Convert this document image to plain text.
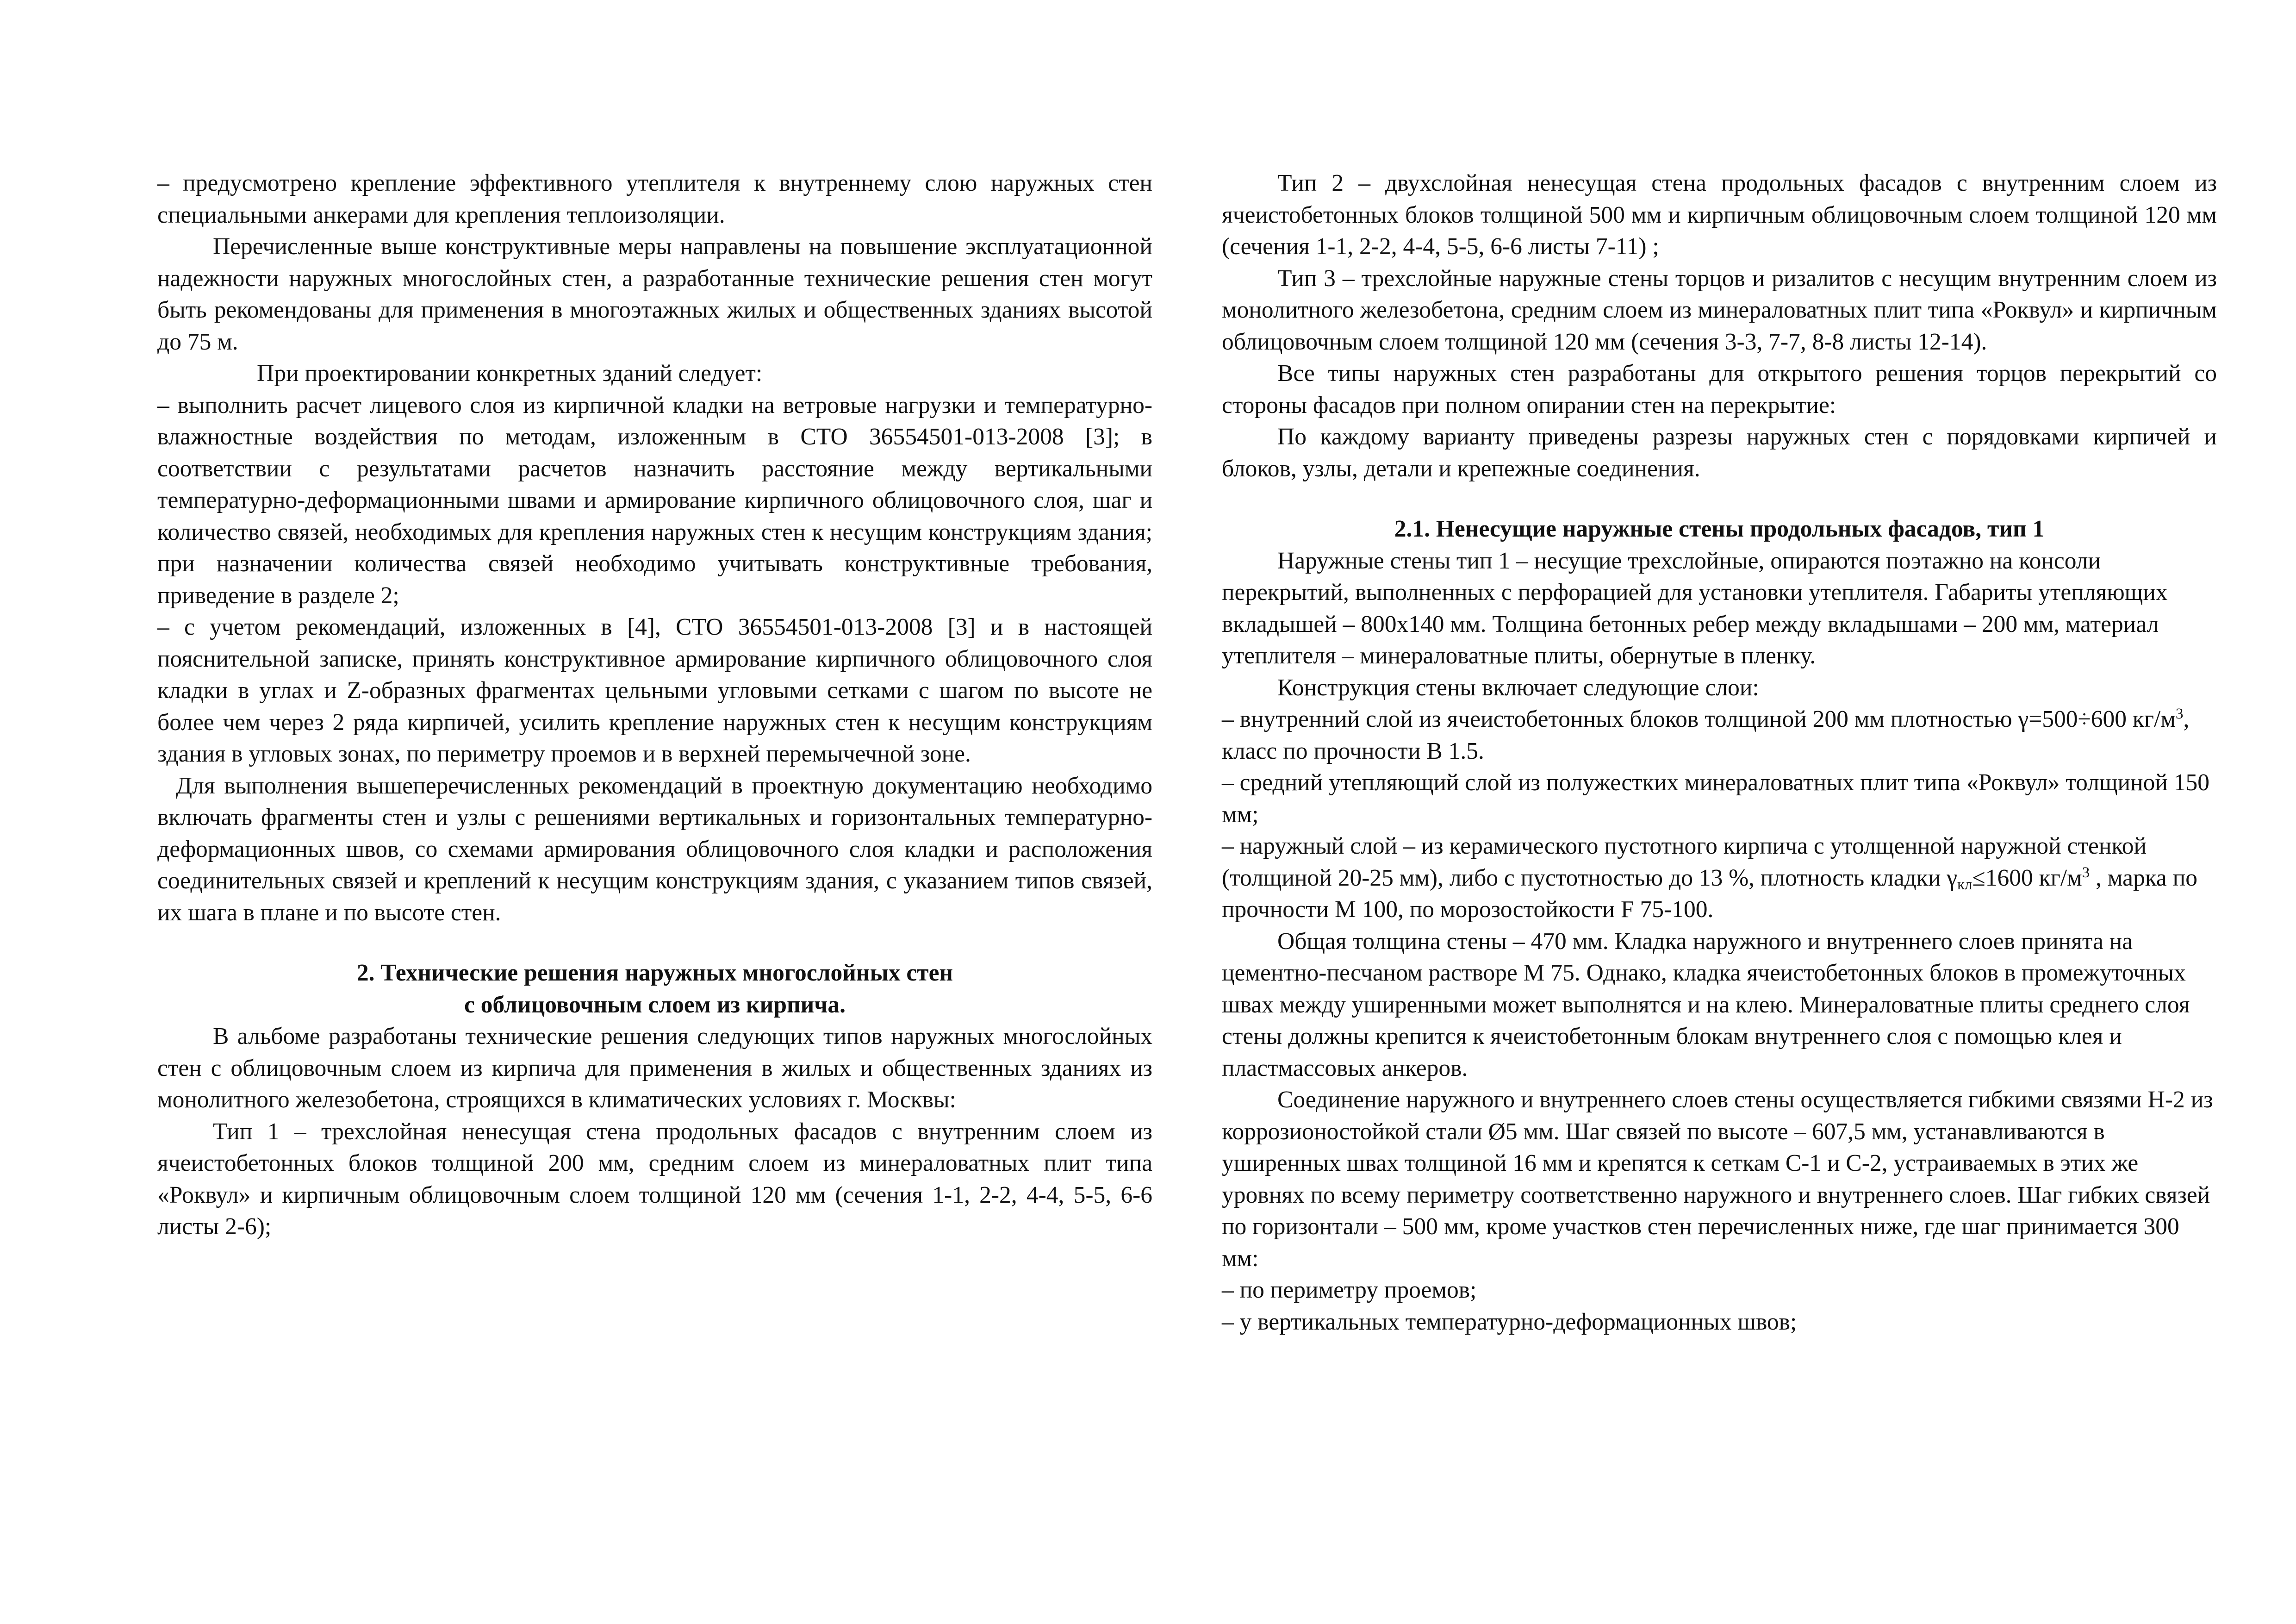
– предусмотрено крепление эффективного утеплителя к внутреннему слою наружных стен специальными анкерами для крепления теплоизоляции.

Перечисленные выше конструктивные меры направлены на повышение эксплуатационной надежности наружных многослойных стен, а разработанные технические решения стен могут быть рекомендованы для применения в многоэтажных жилых и общественных зданиях высотой до 75 м.

При проектировании конкретных зданий следует:

– выполнить расчет лицевого слоя из кирпичной кладки на ветровые нагрузки и температурно-влажностные воздействия по методам, изложенным в СТО 36554501-013-2008 [3]; в соответствии с результатами расчетов назначить расстояние между вертикальными температурно-деформационными швами и армирование кирпичного облицовочного слоя, шаг и количество связей, необходимых для крепления наружных стен к несущим конструкциям здания; при назначении количества связей необходимо учитывать конструктивные требования, приведение в разделе 2;

– с учетом рекомендаций, изложенных в [4], СТО 36554501-013-2008 [3] и в настоящей пояснительной записке, принять конструктивное армирование кирпичного облицовочного слоя кладки в углах и Z-образных фрагментах цельными угловыми сетками с шагом по высоте не более чем через 2 ряда кирпичей, усилить крепление наружных стен к несущим конструкциям здания в угловых зонах, по периметру проемов и в верхней перемычечной зоне.

Для выполнения вышеперечисленных рекомендаций в проектную документацию необходимо включать фрагменты стен и узлы с решениями вертикальных и горизонтальных температурно-деформационных швов, со схемами армирования облицовочного слоя кладки и расположения соединительных связей и креплений к несущим конструкциям здания, с указанием типов связей, их шага в плане и по высоте стен.

2. Технические решения наружных многослойных стен
с облицовочным слоем из кирпича.

В альбоме разработаны технические решения следующих типов наружных многослойных стен с облицовочным слоем из кирпича для применения в жилых и общественных зданиях из монолитного железобетона, строящихся в климатических условиях г. Москвы:

Тип 1 – трехслойная ненесущая стена продольных фасадов с внутренним слоем из ячеистобетонных блоков толщиной 200 мм, средним слоем из минераловатных плит типа «Роквул» и кирпичным облицовочным слоем толщиной 120 мм (сечения 1-1, 2-2, 4-4, 5-5, 6-6 листы 2-6);

Тип 2 – двухслойная ненесущая стена продольных фасадов с внутренним слоем из ячеистобетонных блоков толщиной 500 мм и кирпичным облицовочным слоем толщиной 120 мм (сечения 1-1, 2-2, 4-4, 5-5, 6-6 листы 7-11) ;

Тип 3 – трехслойные наружные стены торцов и ризалитов с несущим внутренним слоем из монолитного железобетона, средним слоем из минераловатных плит типа «Роквул» и кирпичным облицовочным слоем толщиной 120 мм (сечения 3-3, 7-7, 8-8 листы 12-14).

Все типы наружных стен разработаны для открытого решения торцов перекрытий со стороны фасадов при полном опирании стен на перекрытие:

По каждому варианту приведены разрезы наружных стен с порядовками кирпичей и блоков, узлы, детали и крепежные соединения.

2.1. Ненесущие наружные стены продольных фасадов, тип 1

Наружные стены тип 1 – несущие трехслойные, опираются поэтажно на консоли перекрытий, выполненных с перфорацией для установки утеплителя. Габариты утепляющих вкладышей – 800х140 мм. Толщина бетонных ребер между вкладышами – 200 мм, материал утеплителя – минераловатные плиты, обернутые в пленку.

Конструкция стены включает следующие слои:

– внутренний слой из ячеистобетонных блоков толщиной 200 мм плотностью γ=500÷600 $кг/м^3$, класс по прочности В 1.5.

– средний утепляющий слой из полужестких минераловатных плит типа «Роквул» толщиной 150 мм;

– наружный слой – из керамического пустотного кирпича с утолщенной наружной стенкой (толщиной 20-25 мм), либо с пустотностью до 13 %, плотность кладки $\gamma_{кл}\le 1600$ $кг/м^3$ , марка по прочности М 100, по морозостойкости F 75-100.

Общая толщина стены – 470 мм. Кладка наружного и внутреннего слоев принята на цементно-песчаном растворе М 75. Однако, кладка ячеистобетонных блоков в промежуточных швах между уширенными может выполнятся и на клею. Минераловатные плиты среднего слоя стены должны крепится к ячеистобетонным блокам внутреннего слоя с помощью клея и пластмассовых анкеров.

Соединение наружного и внутреннего слоев стены осуществляется гибкими связями Н-2 из коррозионостойкой стали Ø5 мм. Шаг связей по высоте – 607,5 мм, устанавливаются в уширенных швах толщиной 16 мм и крепятся к сеткам С-1 и С-2, устраиваемых в этих же уровнях по всему периметру соответственно наружного и внутреннего слоев. Шаг гибких связей по горизонтали – 500 мм, кроме участков стен перечисленных ниже, где шаг принимается 300 мм:

– по периметру проемов;

– у вертикальных температурно-деформационных швов;
